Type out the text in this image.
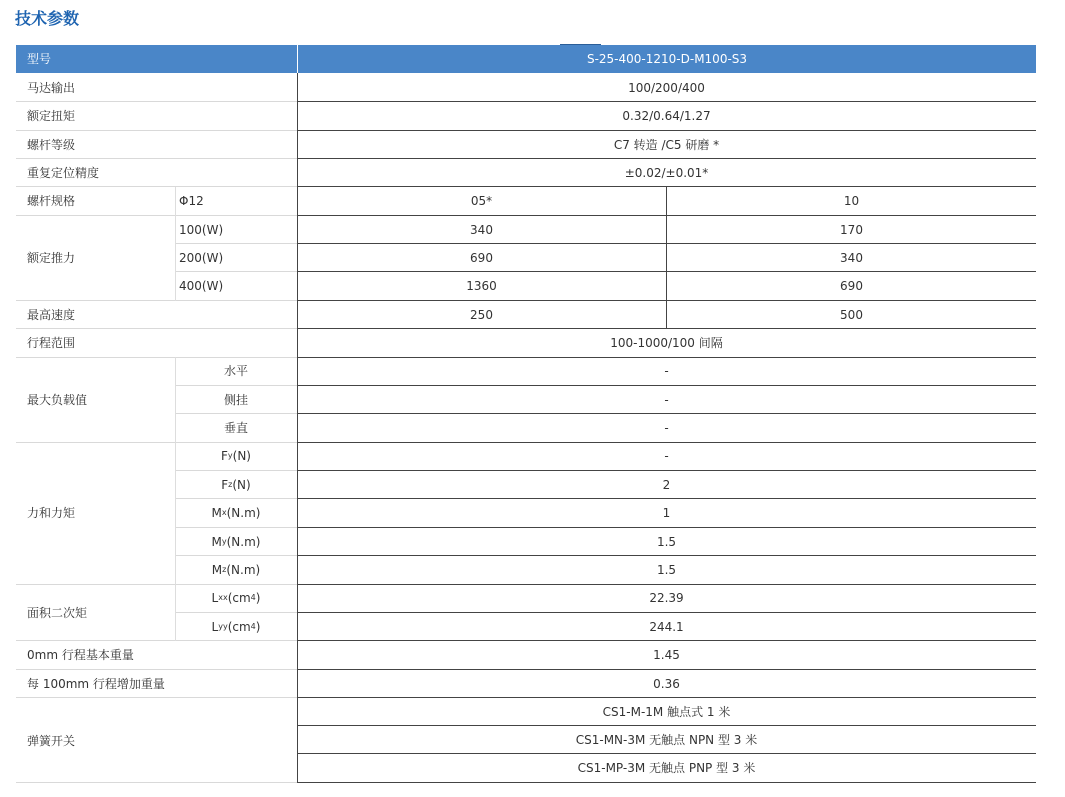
技术参数
型号	S-25-400-1210-D-M100-S3
马达输出	100/200/400
额定扭矩	0.32/0.64/1.27
螺杆等级	C7 转造 /C5 研磨 *
重复定位精度	±0.02/±0.01*
螺杆规格	Φ12	05*	10
额定推力
100(W)	340	170
200(W)	690	340
400(W)	1360	690
最高速度	250	500
行程范围	100-1000/100 间隔
最大负载值
水平	-
侧挂	-
垂直	-
力和力矩
F y (N)	-
F z (N)	2
M x (N.m)	1
M y (N.m)	1.5
M z (N.m)	1.5
面积二次矩
L xx (cm 4 )	22.39
L yy (cm 4 )	244.1
0mm 行程基本重量	1.45
每 100mm 行程增加重量	0.36
弹簧开关
CS1-M-1M 触点式 1 米
CS1-MN-3M 无触点 NPN 型 3 米
CS1-MP-3M 无触点 PNP 型 3 米
